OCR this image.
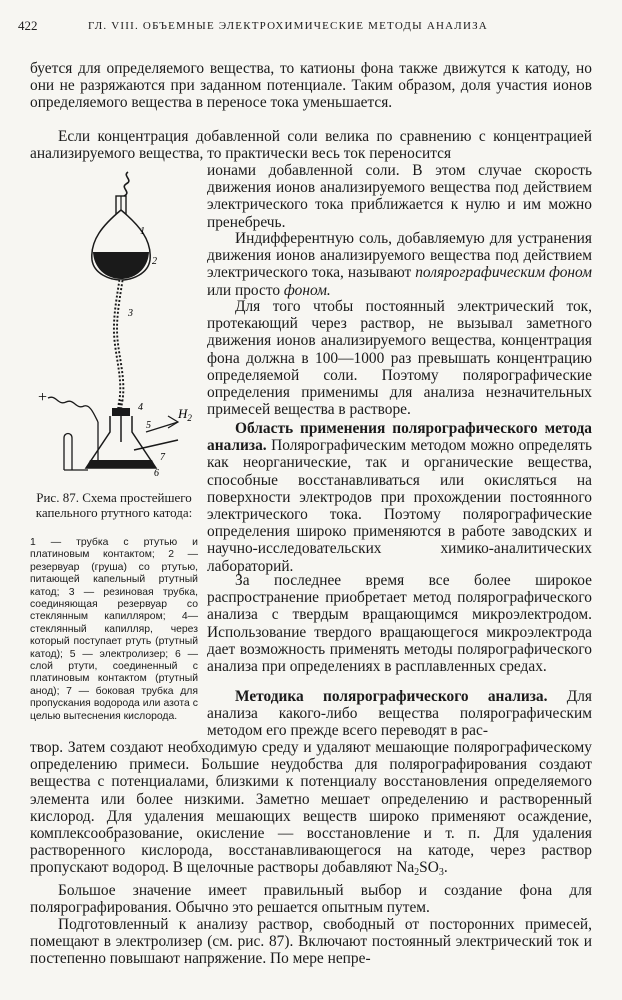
422	ГЛ. VIII. ОБЪЕМНЫЕ ЭЛЕКТРОХИМИЧЕСКИЕ МЕТОДЫ АНАЛИЗА

буется для определяемого вещества, то катионы фона также движутся к катоду, но они не разряжаются при заданном потенциале. Таким образом, доля участия ионов определяемого вещества в переносе тока уменьшается.

Если концентрация добавленной соли велика по сравнению с концентрацией анализируемого вещества, то практически весь ток переносится

ионами добавленной соли. В этом случае скорость движения ионов анализируемого вещества под действием электрического тока приближается к нулю и им можно пренебречь.

Индифферентную соль, добавляемую для устранения движения ионов анализируемого вещества под действием электрического тока, называют полярографическим фоном или просто фоном.

Для того чтобы постоянный электрический ток, протекающий через раствор, не вызывал заметного движения ионов анализируемого вещества, концентрация фона должна в 100—1000 раз превышать концентрацию определяемой соли. Поэтому полярографические определения применимы для анализа незначительных примесей вещества в растворе.

Область применения полярографического метода анализа. Полярографическим методом можно определять как неорганические, так и органические вещества, способные восстанавливаться или окисляться на поверхности электродов при прохождении постоянного электрического тока. Поэтому полярографические определения широко применяются в работе заводских и научно-исследовательских химико-аналитических лабораторий.

За последнее время все более широкое распространение приобретает метод полярографического анализа с твердым вращающимся микроэлектродом. Использование твердого вращающегося микроэлектрода дает возможность применять методы полярографического анализа при определениях в расплавленных средах.

Методика полярографического анализа. Для анализа какого-либо вещества полярографическим методом его прежде всего переводят в рас-

твор. Затем создают необходимую среду и удаляют мешающие полярографическому определению примеси. Большие неудобства для полярографирования создают вещества с потенциалами, близкими к потенциалу восстановления определяемого элемента или более низкими. Заметно мешает определению и растворенный кислород. Для удаления мешающих веществ широко применяют осаждение, комплексообразование, окисление — восстановление и т. п. Для удаления растворенного кислорода, восстанавливающегося на катоде, через раствор пропускают водород. В щелочные растворы добавляют $Na_2SO_3$.

Большое значение имеет правильный выбор и создание фона для полярографирования. Обычно это решается опытным путем.

Подготовленный к анализу раствор, свободный от посторонних примесей, помещают в электролизер (см. рис. 87). Включают постоянный электрический ток и постепенно повышают напряжение. По мере непре-

1
2
3
4
5
6
7
+
$H_2$

Рис. 87. Схема простейшего капельного ртутного катода:

1 — трубка с ртутью и платиновым контактом; 2 — резервуар (груша) со ртутью, питающей капельный ртутный катод; 3 — резиновая трубка, соединяющая резервуар со стеклянным капилляром; 4—стеклянный капилляр, через который поступает ртуть (ртутный катод); 5 — электролизер; 6 — слой ртути, соединенный с платиновым контактом (ртутный анод); 7 — боковая трубка для пропускания водорода или азота с целью вытеснения кислорода.
